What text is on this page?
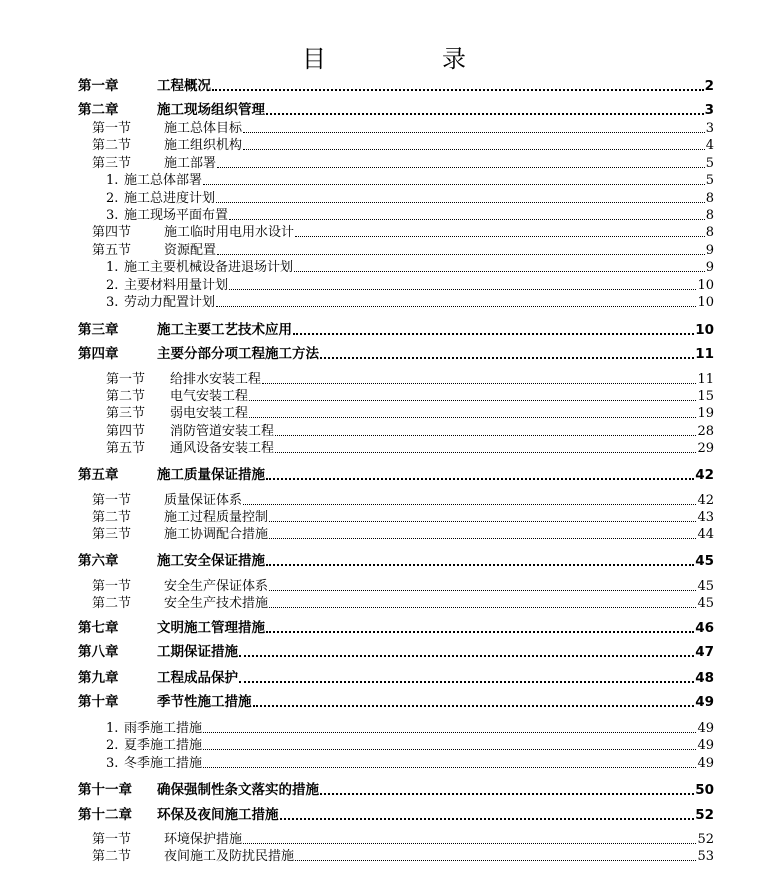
目　录
第一章	工程概况	2
第二章	施工现场组织管理	3
第一节	施工总体目标	3
第二节	施工组织机构	4
第三节	施工部署	5
1. 施工总体部署	5
2. 施工总进度计划	8
3. 施工现场平面布置	8
第四节	施工临时用电用水设计	8
第五节	资源配置	9
1. 施工主要机械设备进退场计划	9
2. 主要材料用量计划	10
3. 劳动力配置计划	10
第三章	施工主要工艺技术应用	10
第四章	主要分部分项工程施工方法	11
第一节	给排水安装工程	11
第二节	电气安装工程	15
第三节	弱电安装工程	19
第四节	消防管道安装工程	28
第五节	通风设备安装工程	29
第五章	施工质量保证措施	42
第一节	质量保证体系	42
第二节	施工过程质量控制	43
第三节	施工协调配合措施	44
第六章	施工安全保证措施	45
第一节	安全生产保证体系	45
第二节	安全生产技术措施	45
第七章	文明施工管理措施	46
第八章	工期保证措施	47
第九章	工程成品保护	48
第十章	季节性施工措施	49
1. 雨季施工措施	49
2. 夏季施工措施	49
3. 冬季施工措施	49
第十一章	确保强制性条文落实的措施	50
第十二章	环保及夜间施工措施	52
第一节	环境保护措施	52
第二节	夜间施工及防扰民措施	53
